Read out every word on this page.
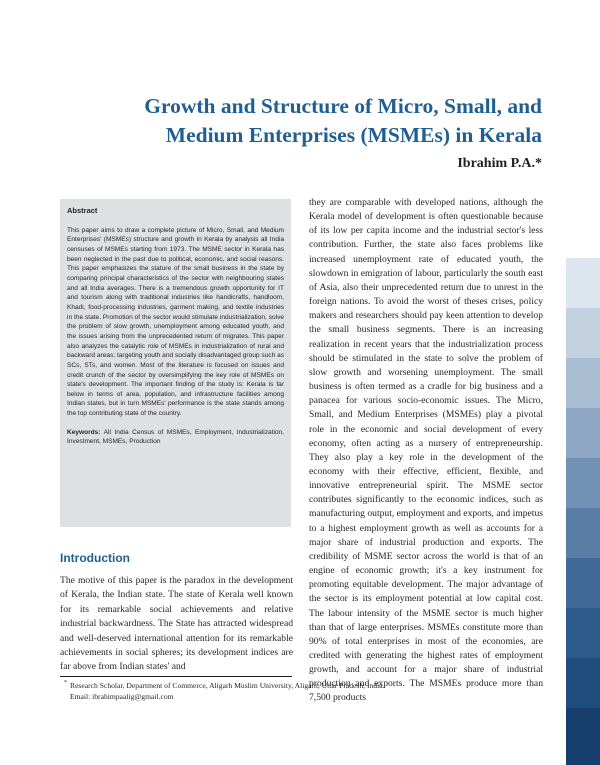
Growth and Structure of Micro, Small, and Medium Enterprises (MSMEs) in Kerala

Ibrahim P.A.*

Abstract

This paper aims to draw a complete picture of Micro, Small, and Medium Enterprises' (MSMEs) structure and growth in Kerala by analysis all India censuses of MSMEs starting from 1973. The MSME sector in Kerala has been neglected in the past due to political, economic, and social reasons. This paper emphasizes the stature of the small business in the state by comparing principal characteristics of the sector with neighbouring states and all India averages. There is a tremendous growth opportunity for IT and tourism along with traditional industries like handicrafts, handloom, Khadi, food-processing industries, garment making, and textile industries in the state. Promotion of the sector would stimulate industrialization, solve the problem of slow growth, unemployment among educated youth, and the issues arising from the unprecedented return of migrates. This paper also analyzes the catalytic role of MSMEs in industrialization of rural and backward areas; targeting youth and socially disadvantaged group such as SCs, STs, and women. Most of the literature is focused on issues and credit crunch of the sector by oversimplifying the key role of MSMEs on state's development. The important finding of the study is: Kerala is far below in terms of area, population, and infrastructure facilities among Indian states, but in turn MSMEs' performance is the state stands among the top contributing state of the country.

Keywords: All India Census of MSMEs, Employment, Industrialization, Investment, MSMEs, Production

Introduction

The motive of this paper is the paradox in the development of Kerala, the Indian state. The state of Kerala well known for its remarkable social achievements and relative industrial backwardness. The State has attracted widespread and well-deserved international attention for its remarkable achievements in social spheres; its development indices are far above from Indian states' and

they are comparable with developed nations, although the Kerala model of development is often questionable because of its low per capita income and the industrial sector's less contribution. Further, the state also faces problems like increased unemployment rate of educated youth, the slowdown in emigration of labour, particularly the south east of Asia, also their unprecedented return due to unrest in the foreign nations. To avoid the worst of theses crises, policy makers and researchers should pay keen attention to develop the small business segments. There is an increasing realization in recent years that the industrialization process should be stimulated in the state to solve the problem of slow growth and worsening unemployment. The small business is often termed as a cradle for big business and a panacea for various socio-economic issues. The Micro, Small, and Medium Enterprises (MSMEs) play a pivotal role in the economic and social development of every economy, often acting as a nursery of entrepreneurship. They also play a key role in the development of the economy with their effective, efficient, flexible, and innovative entrepreneurial spirit. The MSME sector contributes significantly to the economic indices, such as manufacturing output, employment and exports, and impetus to a highest employment growth as well as accounts for a major share of industrial production and exports. The credibility of MSME sector across the world is that of an engine of economic growth; it's a key instrument for promoting equitable development. The major advantage of the sector is its employment potential at low capital cost. The labour intensity of the MSME sector is much higher than that of large enterprises. MSMEs constitute more than 90% of total enterprises in most of the economies, are credited with generating the highest rates of employment growth, and account for a major share of industrial production and exports. The MSMEs produce more than 7,500 products

* Research Scholar, Department of Commerce, Aligarh Muslim University, Aligarh, Uttar Pradesh, India.
Email: ibrahimpaalig@gmail.com
